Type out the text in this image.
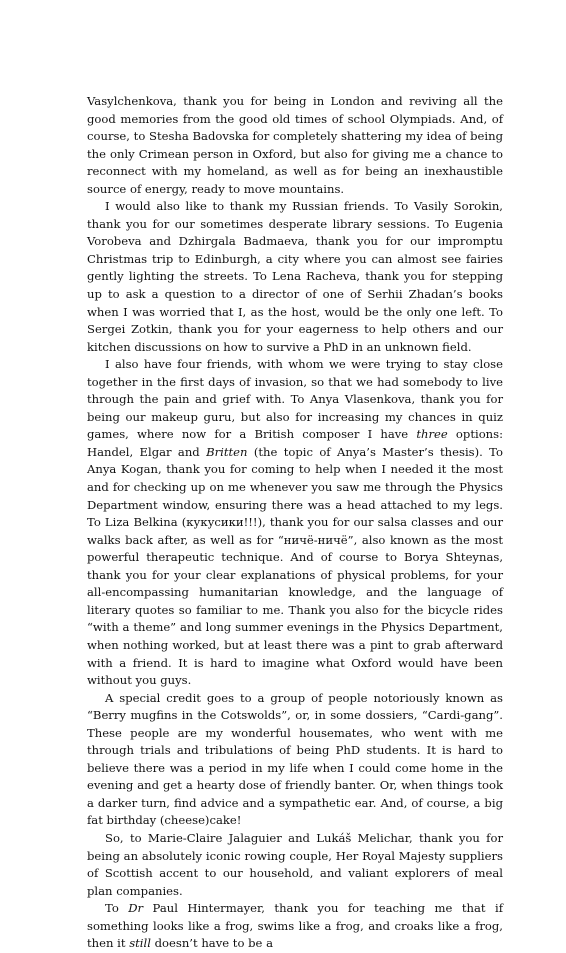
Vasylchenkova, thank you for being in London and reviving all the good memories from the good old times of school Olympiads. And, of course, to Stesha Badovska for completely shattering my idea of being the only Crimean person in Oxford, but also for giving me a chance to reconnect with my homeland, as well as for being an inexhaustible source of energy, ready to move mountains.

I would also like to thank my Russian friends. To Vasily Sorokin, thank you for our sometimes desperate library sessions. To Eugenia Vorobeva and Dzhirgala Badmaeva, thank you for our impromptu Christmas trip to Edinburgh, a city where you can almost see fairies gently lighting the streets. To Lena Racheva, thank you for stepping up to ask a question to a director of one of Serhii Zhadan’s books when I was worried that I, as the host, would be the only one left. To Sergei Zotkin, thank you for your eagerness to help others and our kitchen discussions on how to survive a PhD in an unknown field.

I also have four friends, with whom we were trying to stay close together in the first days of invasion, so that we had somebody to live through the pain and grief with. To Anya Vlasenkova, thank you for being our makeup guru, but also for increasing my chances in quiz games, where now for a British composer I have three options: Handel, Elgar and Britten (the topic of Anya’s Master’s thesis). To Anya Kogan, thank you for coming to help when I needed it the most and for checking up on me whenever you saw me through the Physics Department window, ensuring there was a head attached to my legs. To Liza Belkina (кукусики!!!), thank you for our salsa classes and our walks back after, as well as for “ничё-ничё”, also known as the most powerful therapeutic technique. And of course to Borya Shteynas, thank you for your clear explanations of physical problems, for your all-encompassing humanitarian knowledge, and the language of literary quotes so familiar to me. Thank you also for the bicycle rides “with a theme” and long summer evenings in the Physics Department, when nothing worked, but at least there was a pint to grab afterward with a friend. It is hard to imagine what Oxford would have been without you guys.

A special credit goes to a group of people notoriously known as “Berry mugfins in the Cotswolds”, or, in some dossiers, “Cardi-gang”. These people are my wonderful housemates, who went with me through trials and tribulations of being PhD students. It is hard to believe there was a period in my life when I could come home in the evening and get a hearty dose of friendly banter. Or, when things took a darker turn, find advice and a sympathetic ear. And, of course, a big fat birthday (cheese)cake!

So, to Marie-Claire Jalaguier and Lukáš Melichar, thank you for being an absolutely iconic rowing couple, Her Royal Majesty suppliers of Scottish accent to our household, and valiant explorers of meal plan companies.

To Dr Paul Hintermayer, thank you for teaching me that if something looks like a frog, swims like a frog, and croaks like a frog, then it still doesn’t have to be a
